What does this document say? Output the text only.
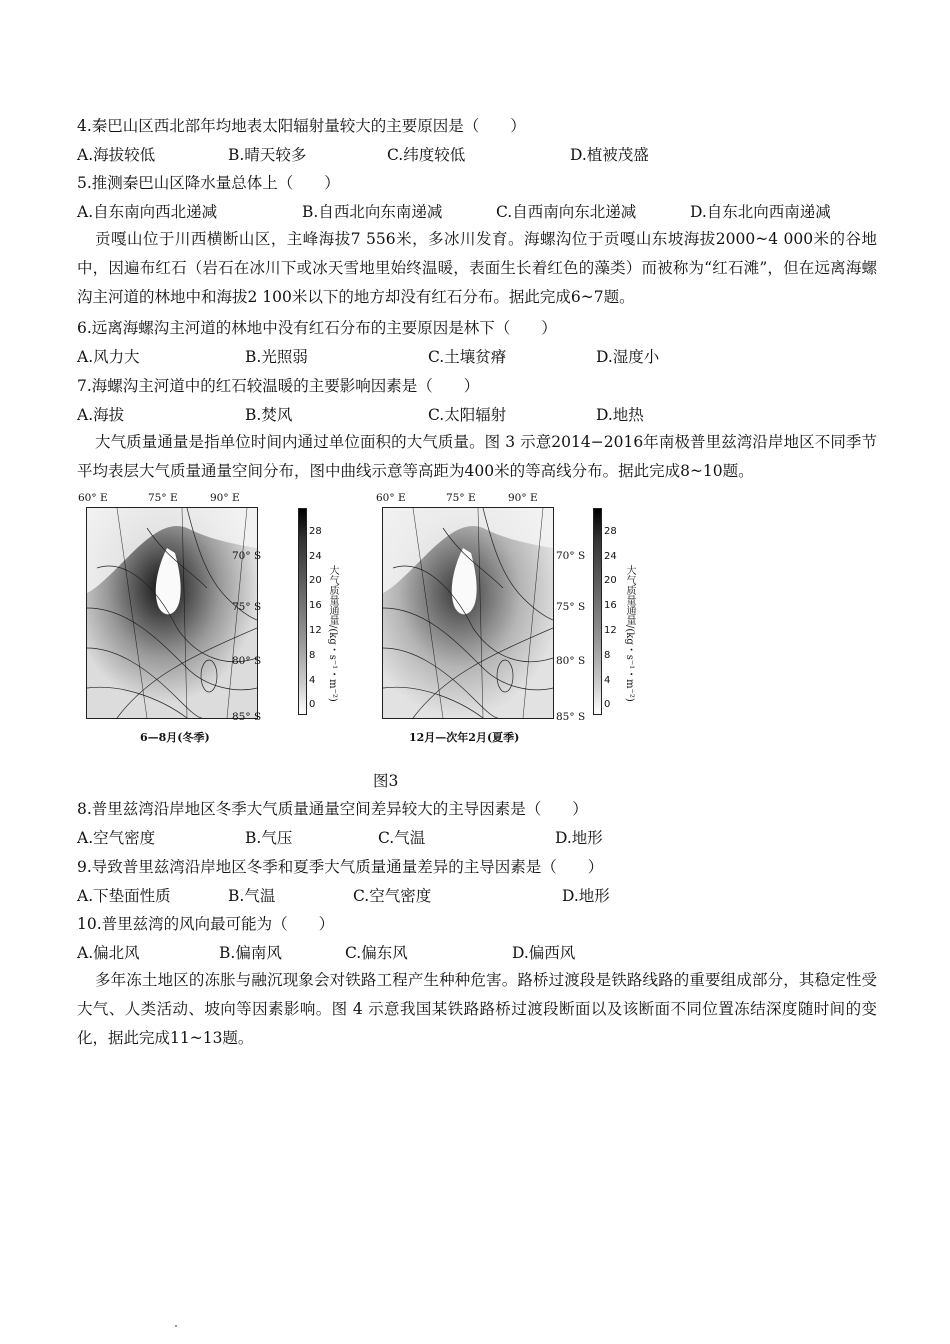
4.秦巴山区西北部年均地表太阳辐射量较大的主要原因是（　　）
A.海拔较低	B.晴天较多	C.纬度较低	D.植被茂盛
5.推测秦巴山区降水量总体上（　　）
A.自东南向西北递减	B.自西北向东南递减	C.自西南向东北递减	D.自东北向西南递减
贡嘎山位于川西横断山区，主峰海拔7 556米，多冰川发育。海螺沟位于贡嘎山东坡海拔2000~4 000米的谷地中，因遍布红石（岩石在冰川下或冰天雪地里始终温暖，表面生长着红色的藻类）而被称为“红石滩”，但在远离海螺沟主河道的林地中和海拔2 100米以下的地方却没有红石分布。据此完成6~7题。
6.远离海螺沟主河道的林地中没有红石分布的主要原因是林下（　　）
A.风力大	B.光照弱	C.土壤贫瘠	D.湿度小
7.海螺沟主河道中的红石较温暖的主要影响因素是（　　）
A.海拔	B.焚风	C.太阳辐射	D.地热
大气质量通量是指单位时间内通过单位面积的大气质量。图 3 示意2014−2016年南极普里兹湾沿岸地区不同季节平均表层大气质量通量空间分布，图中曲线示意等高距为400米的等高线分布。据此完成8~10题。
60° E	75° E	90° E
70° S
75° S
80° S
85° S
28
24
20
16
12
8
4
0
大气质量通量/(kg・s⁻¹・m⁻²)
6—8月(冬季)
60° E	75° E	90° E
70° S
75° S
80° S
85° S
28
24
20
16
12
8
4
0
大气质量通量/(kg・s⁻¹・m⁻²)
12月—次年2月(夏季)
图3
8.普里兹湾沿岸地区冬季大气质量通量空间差异较大的主导因素是（　　）
A.空气密度	B.气压	C.气温	D.地形
9.导致普里兹湾沿岸地区冬季和夏季大气质量通量差异的主导因素是（　　）
A.下垫面性质	B.气温	C.空气密度	D.地形
10.普里兹湾的风向最可能为（　　）
A.偏北风	B.偏南风	C.偏东风	D.偏西风
多年冻土地区的冻胀与融沉现象会对铁路工程产生种种危害。路桥过渡段是铁路线路的重要组成部分，其稳定性受大气、人类活动、坡向等因素影响。图 4 示意我国某铁路路桥过渡段断面以及该断面不同位置冻结深度随时间的变化，据此完成11~13题。
